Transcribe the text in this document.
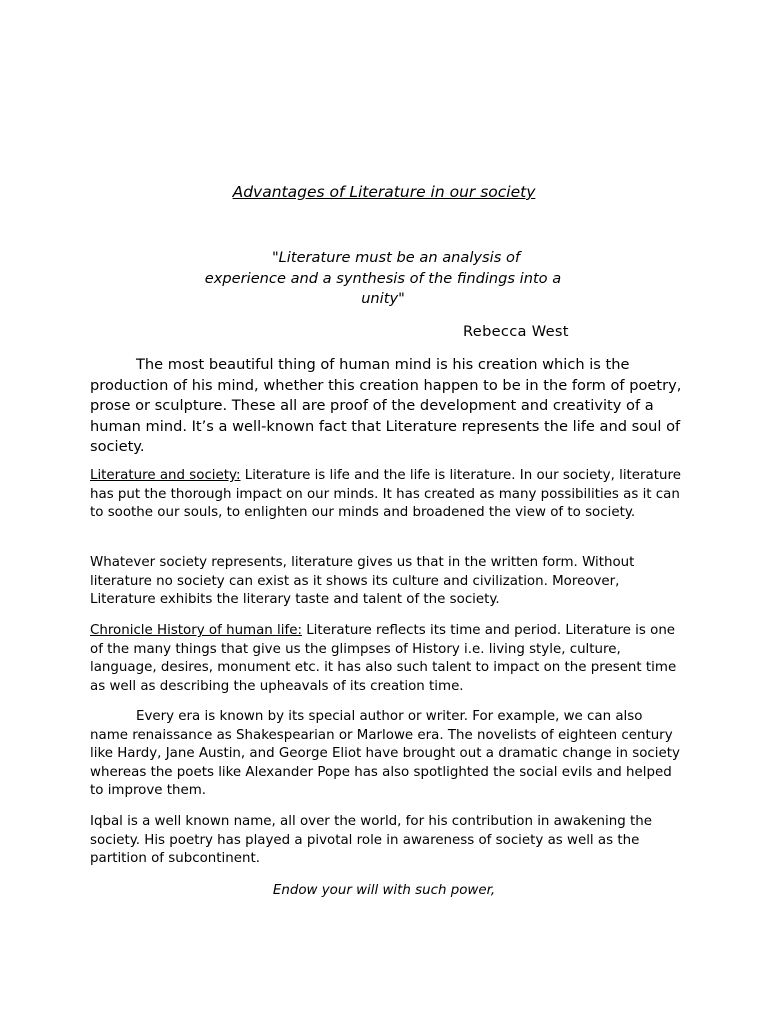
Advantages of Literature in our society
"Literature must be an analysis of
experience and a synthesis of the findings into a unity"
Rebecca West

The most beautiful thing of human mind is his creation which is the production of his mind, whether this creation happen to be in the form of poetry, prose or sculpture. These all are proof of the development and creativity of a human mind. It’s a well-known fact that Literature represents the life and soul of society.

Literature and society: Literature is life and the life is literature. In our society, literature has put the thorough impact on our minds. It has created as many possibilities as it can to soothe our souls, to enlighten our minds and broadened the view of to society.

Whatever society represents, literature gives us that in the written form. Without literature no society can exist as it shows its culture and civilization. Moreover, Literature exhibits the literary taste and talent of the society.

Chronicle History of human life: Literature reflects its time and period. Literature is one of the many things that give us the glimpses of History i.e. living style, culture, language, desires, monument etc. it has also such talent to impact on the present time as well as describing the upheavals of its creation time.

Every era is known by its special author or writer. For example, we can also name renaissance as Shakespearian or Marlowe era. The novelists of eighteen century like Hardy, Jane Austin, and George Eliot have brought out a dramatic change in society whereas the poets like Alexander Pope has also spotlighted the social evils and helped to improve them.

Iqbal is a well known name, all over the world, for his contribution in awakening the society. His poetry has played a pivotal role in awareness of society as well as the partition of subcontinent.

Endow your will with such power,
